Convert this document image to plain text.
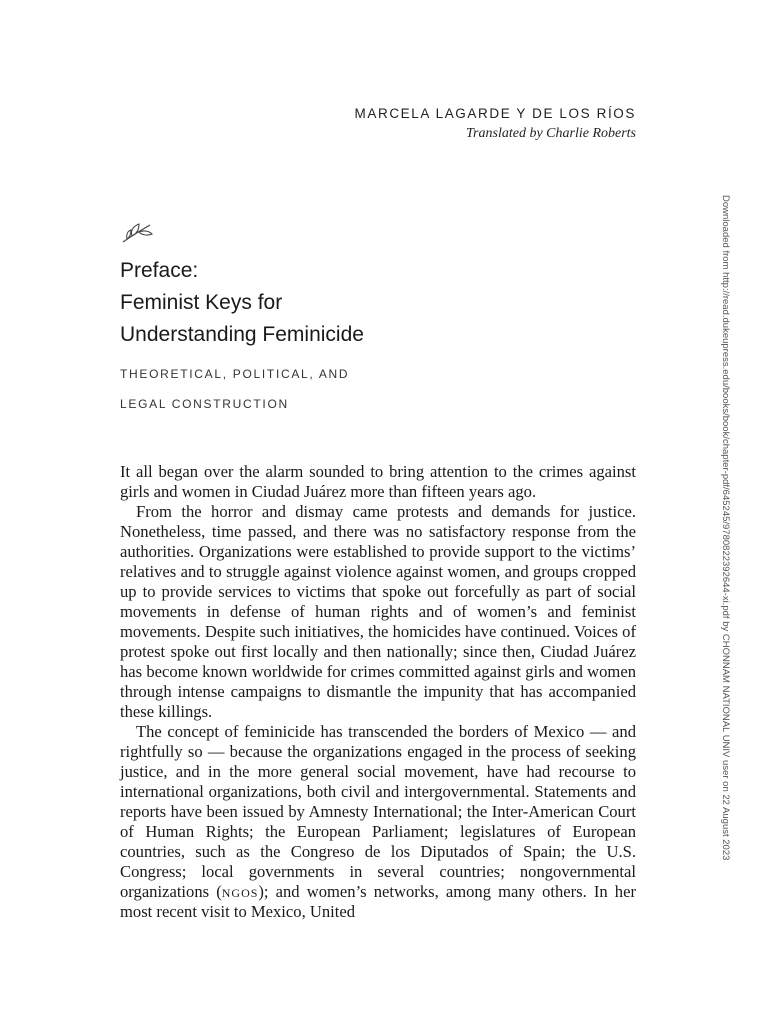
MARCELA LAGARDE Y DE LOS RÍOS
Translated by Charlie Roberts
Preface:
Feminist Keys for
Understanding Feminicide
THEORETICAL, POLITICAL, AND
LEGAL CONSTRUCTION

It all began over the alarm sounded to bring attention to the crimes against girls and women in Ciudad Juárez more than fifteen years ago.

From the horror and dismay came protests and demands for justice. Nonetheless, time passed, and there was no satisfactory response from the authorities. Organizations were established to provide support to the victims’ relatives and to struggle against violence against women, and groups cropped up to provide services to victims that spoke out forcefully as part of social movements in defense of human rights and of women’s and feminist movements. Despite such initiatives, the homicides have continued. Voices of protest spoke out first locally and then nationally; since then, Ciudad Juárez has become known worldwide for crimes committed against girls and women through intense campaigns to dismantle the impunity that has accompanied these killings.

The concept of feminicide has transcended the borders of Mexico — and rightfully so — because the organizations engaged in the process of seeking justice, and in the more general social movement, have had recourse to international organizations, both civil and intergovernmental. Statements and reports have been issued by Amnesty International; the Inter-American Court of Human Rights; the European Parliament; legislatures of European countries, such as the Congreso de los Diputados of Spain; the U.S. Congress; local governments in several countries; nongovernmental organizations (ngos); and women’s networks, among many others. In her most recent visit to Mexico, United

Downloaded from http://read.dukeupress.edu/books/book/chapter-pdf/645245/9780822392644-xi.pdf by CHONNAM NATIONAL UNIV user on 22 August 2023
